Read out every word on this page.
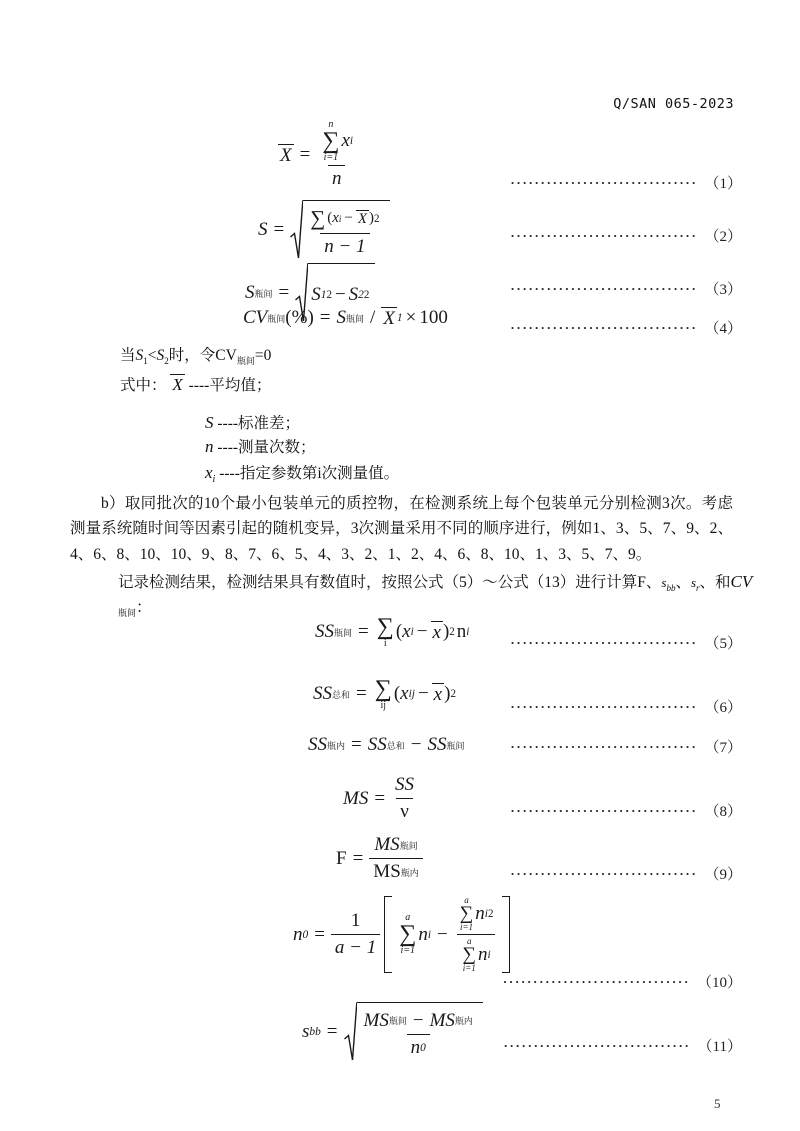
Q/SAN 065-2023
X = n
∑
i=1
x i
n	······························· （1）
S = ∑ ( x i − X ) 2
n − 1
······························· （2）
S 瓶间 = S 1 2 − S 2 2	······························· （3）
CV 瓶间 (%) = S 瓶间 / X 1 × 100	······························· （4）
当$S_1<S_2$时，令$CV_{瓶间}=0$
式中： X ----平均值；
S ----标准差；
n ----测量次数；
$x_i$ ----指定参数第i次测量值。
b）取同批次的10个最小包装单元的质控物，在检测系统上每个包装单元分别检测3次。考虑测量系统随时间等因素引起的随机变异，3次测量采用不同的顺序进行，例如1、3、5、7、9、2、4、6、8、10、10、9、8、7、6、5、4、3、2、1、2、4、6、8、10、1、3、5、7、9。
记录检测结果，检测结果具有数值时，按照公式（5）～公式（13）进行计算F、$s_{bb}$、$s_r$、和$CV_{瓶间}$：
SS 瓶间 = ∑
i
( x i − x ) 2 n i
······························· （5）
SS 总和 = ∑
ij
( x ij − x ) 2
······························· （6）
SS 瓶内 = SS 总和 − SS 瓶间	······························· （7）
MS = $\frac{SS}{\nu}$	······························· （8）
$F = \frac{\text{MS 瓶间}}{\text{MS 瓶内}}$	······························· （9）
n $0 = \frac{1}{a - 1}$	a
∑
i=1
n i −
a
∑
i=1
n i 2
a
∑
i=1
n i
······························· （10）
s bb = $\frac{\text{MS 瓶间 − MS 瓶内}}{n 0}$ ······························· （11）
5
